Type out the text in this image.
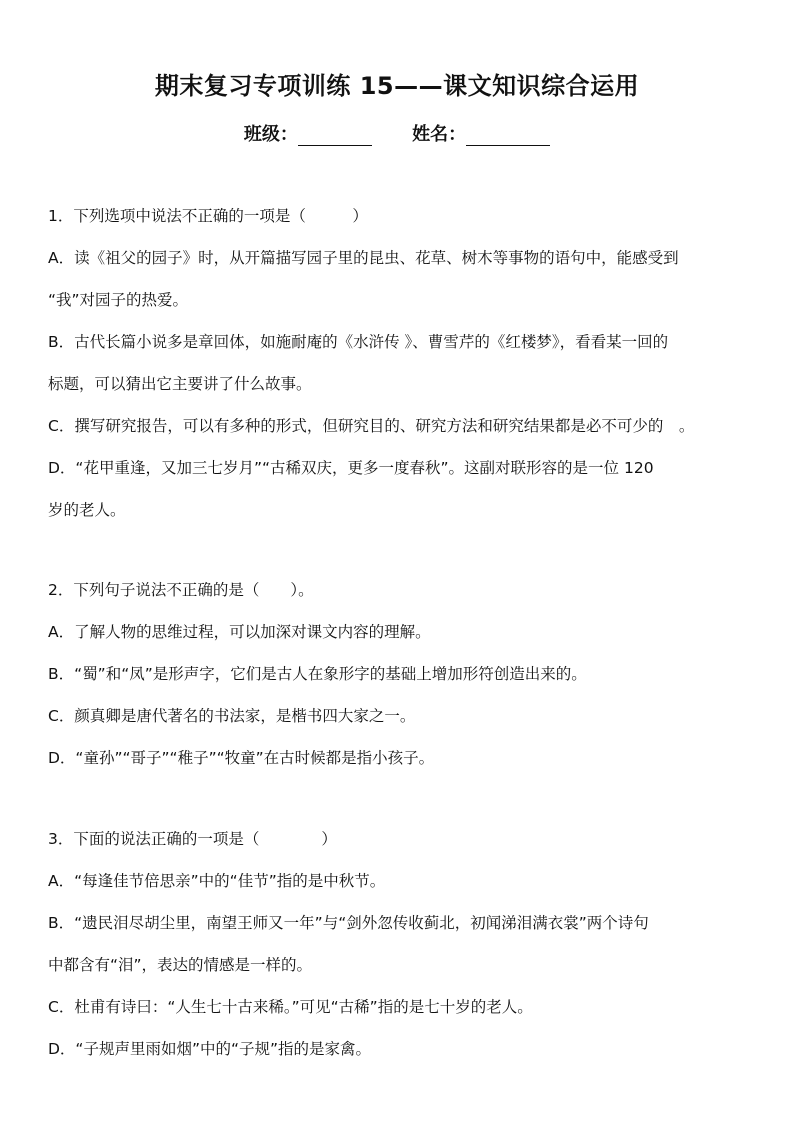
期末复习专项训练 15——课文知识综合运用
班级：	姓名：

1．下列选项中说法不正确的一项是（　　　）

A．读《祖父的园子》时，从开篇描写园子里的昆虫、花草、树木等事物的语句中，能感受到

“我”对园子的热爱。

B．古代长篇小说多是章回体，如施耐庵的《水浒传 》、曹雪芹的《红楼梦》，看看某一回的

标题，可以猜出它主要讲了什么故事。

C．撰写研究报告，可以有多种的形式，但研究目的、研究方法和研究结果都是必不可少的　。

D．“花甲重逢，又加三七岁月”“古稀双庆，更多一度春秋”。这副对联形容的是一位 120

岁的老人。

2．下列句子说法不正确的是（　　）。

A．了解人物的思维过程，可以加深对课文内容的理解。

B．“蜀”和“凤”是形声字，它们是古人在象形字的基础上增加形符创造出来的。

C．颜真卿是唐代著名的书法家，是楷书四大家之一。

D．“童孙”“哥子”“稚子”“牧童”在古时候都是指小孩子。

3．下面的说法正确的一项是（　　　　）

A．“每逢佳节倍思亲”中的“佳节”指的是中秋节。

B．“遗民泪尽胡尘里，南望王师又一年”与“剑外忽传收蓟北，初闻涕泪满衣裳”两个诗句

中都含有“泪”，表达的情感是一样的。

C．杜甫有诗曰：“人生七十古来稀。”可见“古稀”指的是七十岁的老人。

D．“子规声里雨如烟”中的“子规”指的是家禽。
